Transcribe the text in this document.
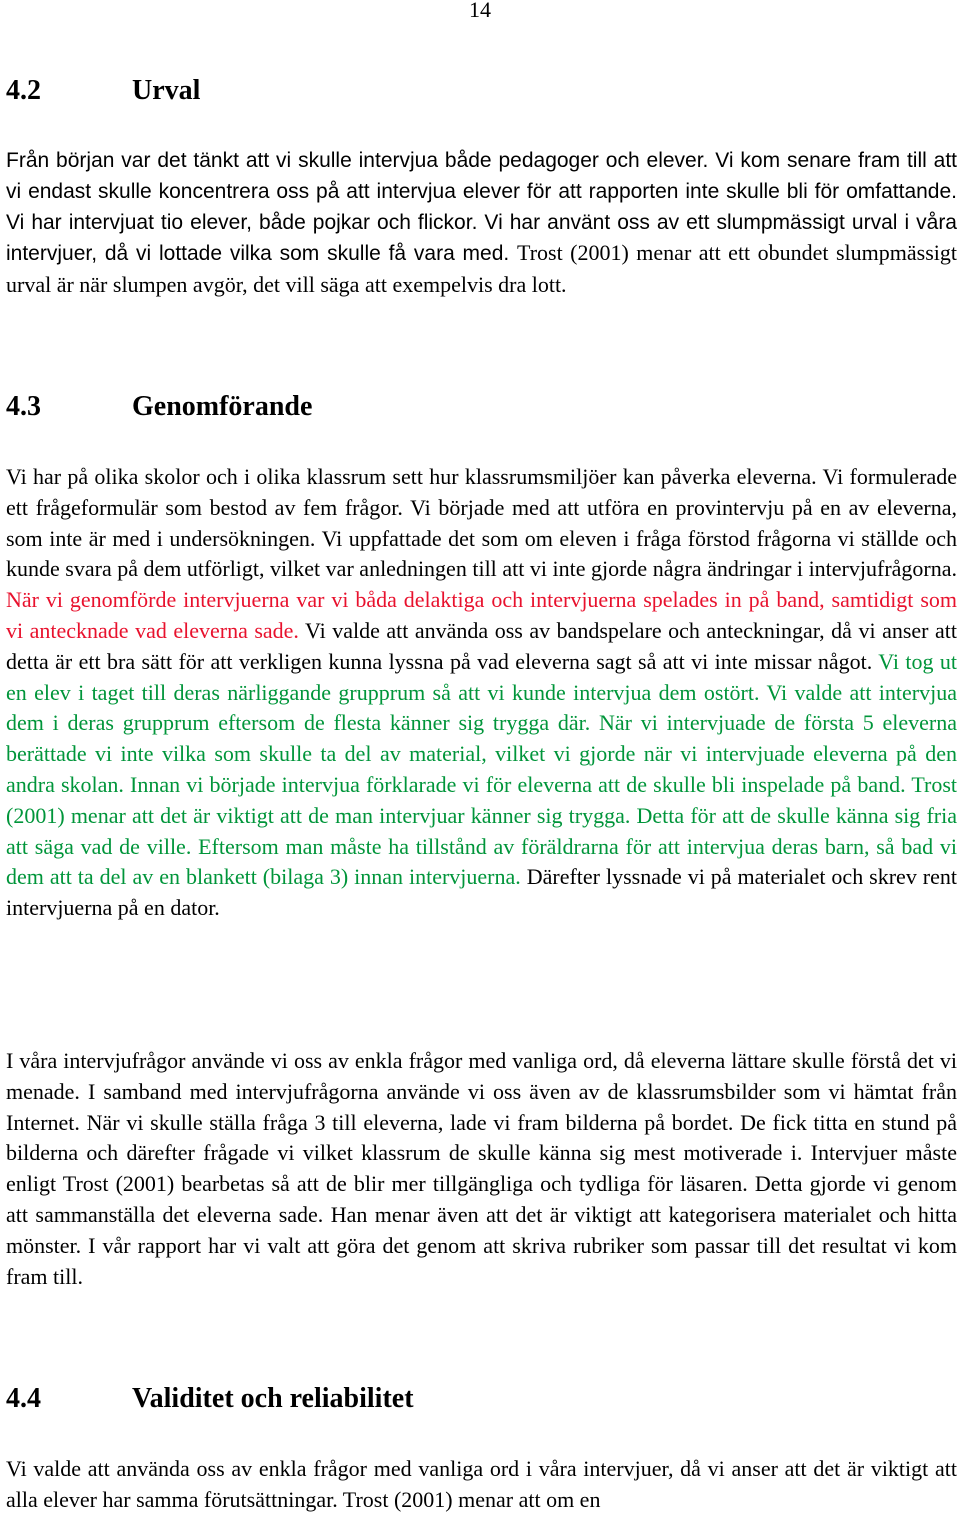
14
4.2	Urval

Från början var det tänkt att vi skulle intervjua både pedagoger och elever. Vi kom senare fram till att vi endast skulle koncentrera oss på att intervjua elever för att rapporten inte skulle bli för omfattande. Vi har intervjuat tio elever, både pojkar och flickor. Vi har använt oss av ett slumpmässigt urval i våra intervjuer, då vi lottade vilka som skulle få vara med. Trost (2001) menar att ett obundet slumpmässigt urval är när slumpen avgör, det vill säga att exempelvis dra lott.

4.3	Genomförande

Vi har på olika skolor och i olika klassrum sett hur klassrumsmiljöer kan påverka eleverna. Vi formulerade ett frågeformulär som bestod av fem frågor. Vi började med att utföra en provintervju på en av eleverna, som inte är med i undersökningen. Vi uppfattade det som om eleven i fråga förstod frågorna vi ställde och kunde svara på dem utförligt, vilket var anledningen till att vi inte gjorde några ändringar i intervjufrågorna. När vi genomförde intervjuerna var vi båda delaktiga och intervjuerna spelades in på band, samtidigt som vi antecknade vad eleverna sade. Vi valde att använda oss av bandspelare och anteckningar, då vi anser att detta är ett bra sätt för att verkligen kunna lyssna på vad eleverna sagt så att vi inte missar något. Vi tog ut en elev i taget till deras närliggande grupprum så att vi kunde intervjua dem ostört. Vi valde att intervjua dem i deras grupprum eftersom de flesta känner sig trygga där. När vi intervjuade de första 5 eleverna berättade vi inte vilka som skulle ta del av material, vilket vi gjorde när vi intervjuade eleverna på den andra skolan. Innan vi började intervjua förklarade vi för eleverna att de skulle bli inspelade på band. Trost (2001) menar att det är viktigt att de man intervjuar känner sig trygga. Detta för att de skulle känna sig fria att säga vad de ville. Eftersom man måste ha tillstånd av föräldrarna för att intervjua deras barn, så bad vi dem att ta del av en blankett (bilaga 3) innan intervjuerna. Därefter lyssnade vi på materialet och skrev rent intervjuerna på en dator.

I våra intervjufrågor använde vi oss av enkla frågor med vanliga ord, då eleverna lättare skulle förstå det vi menade. I samband med intervjufrågorna använde vi oss även av de klassrumsbilder som vi hämtat från Internet. När vi skulle ställa fråga 3 till eleverna, lade vi fram bilderna på bordet. De fick titta en stund på bilderna och därefter frågade vi vilket klassrum de skulle känna sig mest motiverade i. Intervjuer måste enligt Trost (2001) bearbetas så att de blir mer tillgängliga och tydliga för läsaren. Detta gjorde vi genom att sammanställa det eleverna sade. Han menar även att det är viktigt att kategorisera materialet och hitta mönster. I vår rapport har vi valt att göra det genom att skriva rubriker som passar till det resultat vi kom fram till.

4.4	Validitet och reliabilitet

Vi valde att använda oss av enkla frågor med vanliga ord i våra intervjuer, då vi anser att det är viktigt att alla elever har samma förutsättningar. Trost (2001) menar att om en
